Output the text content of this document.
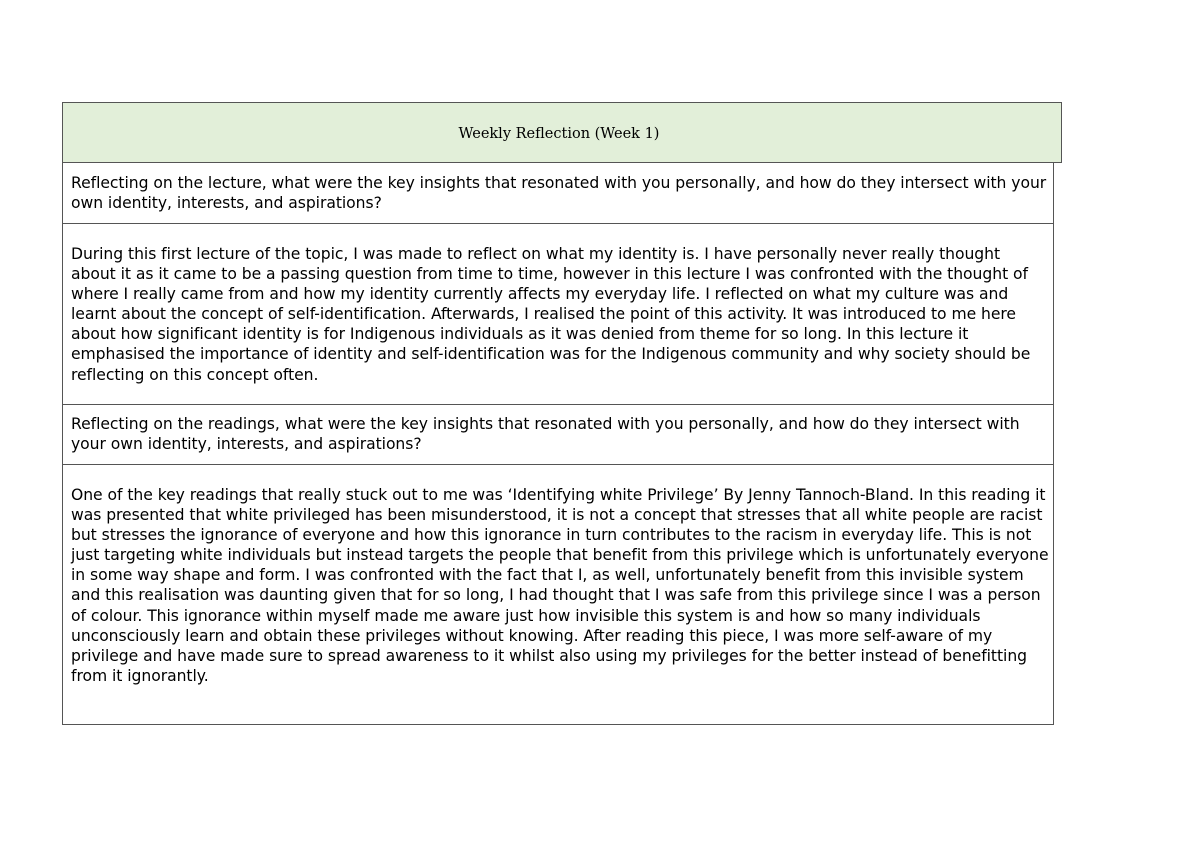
Weekly Reflection (Week 1)

Reflecting on the lecture, what were the key insights that resonated with you personally, and how do they intersect with your own identity, interests, and aspirations?

During this first lecture of the topic, I was made to reflect on what my identity is. I have personally never really thought about it as it came to be a passing question from time to time, however in this lecture I was confronted with the thought of where I really came from and how my identity currently affects my everyday life. I reflected on what my culture was and learnt about the concept of self-identification. Afterwards, I realised the point of this activity. It was introduced to me here about how significant identity is for Indigenous individuals as it was denied from theme for so long. In this lecture it emphasised the importance of identity and self-identification was for the Indigenous community and why society should be reflecting on this concept often.

Reflecting on the readings, what were the key insights that resonated with you personally, and how do they intersect with your own identity, interests, and aspirations?

One of the key readings that really stuck out to me was ‘Identifying white Privilege’ By Jenny Tannoch-Bland. In this reading it was presented that white privileged has been misunderstood, it is not a concept that stresses that all white people are racist but stresses the ignorance of everyone and how this ignorance in turn contributes to the racism in everyday life. This is not just targeting white individuals but instead targets the people that benefit from this privilege which is unfortunately everyone in some way shape and form. I was confronted with the fact that I, as well, unfortunately benefit from this invisible system and this realisation was daunting given that for so long, I had thought that I was safe from this privilege since I was a person of colour. This ignorance within myself made me aware just how invisible this system is and how so many individuals unconsciously learn and obtain these privileges without knowing. After reading this piece, I was more self-aware of my privilege and have made sure to spread awareness to it whilst also using my privileges for the better instead of benefitting from it ignorantly.
